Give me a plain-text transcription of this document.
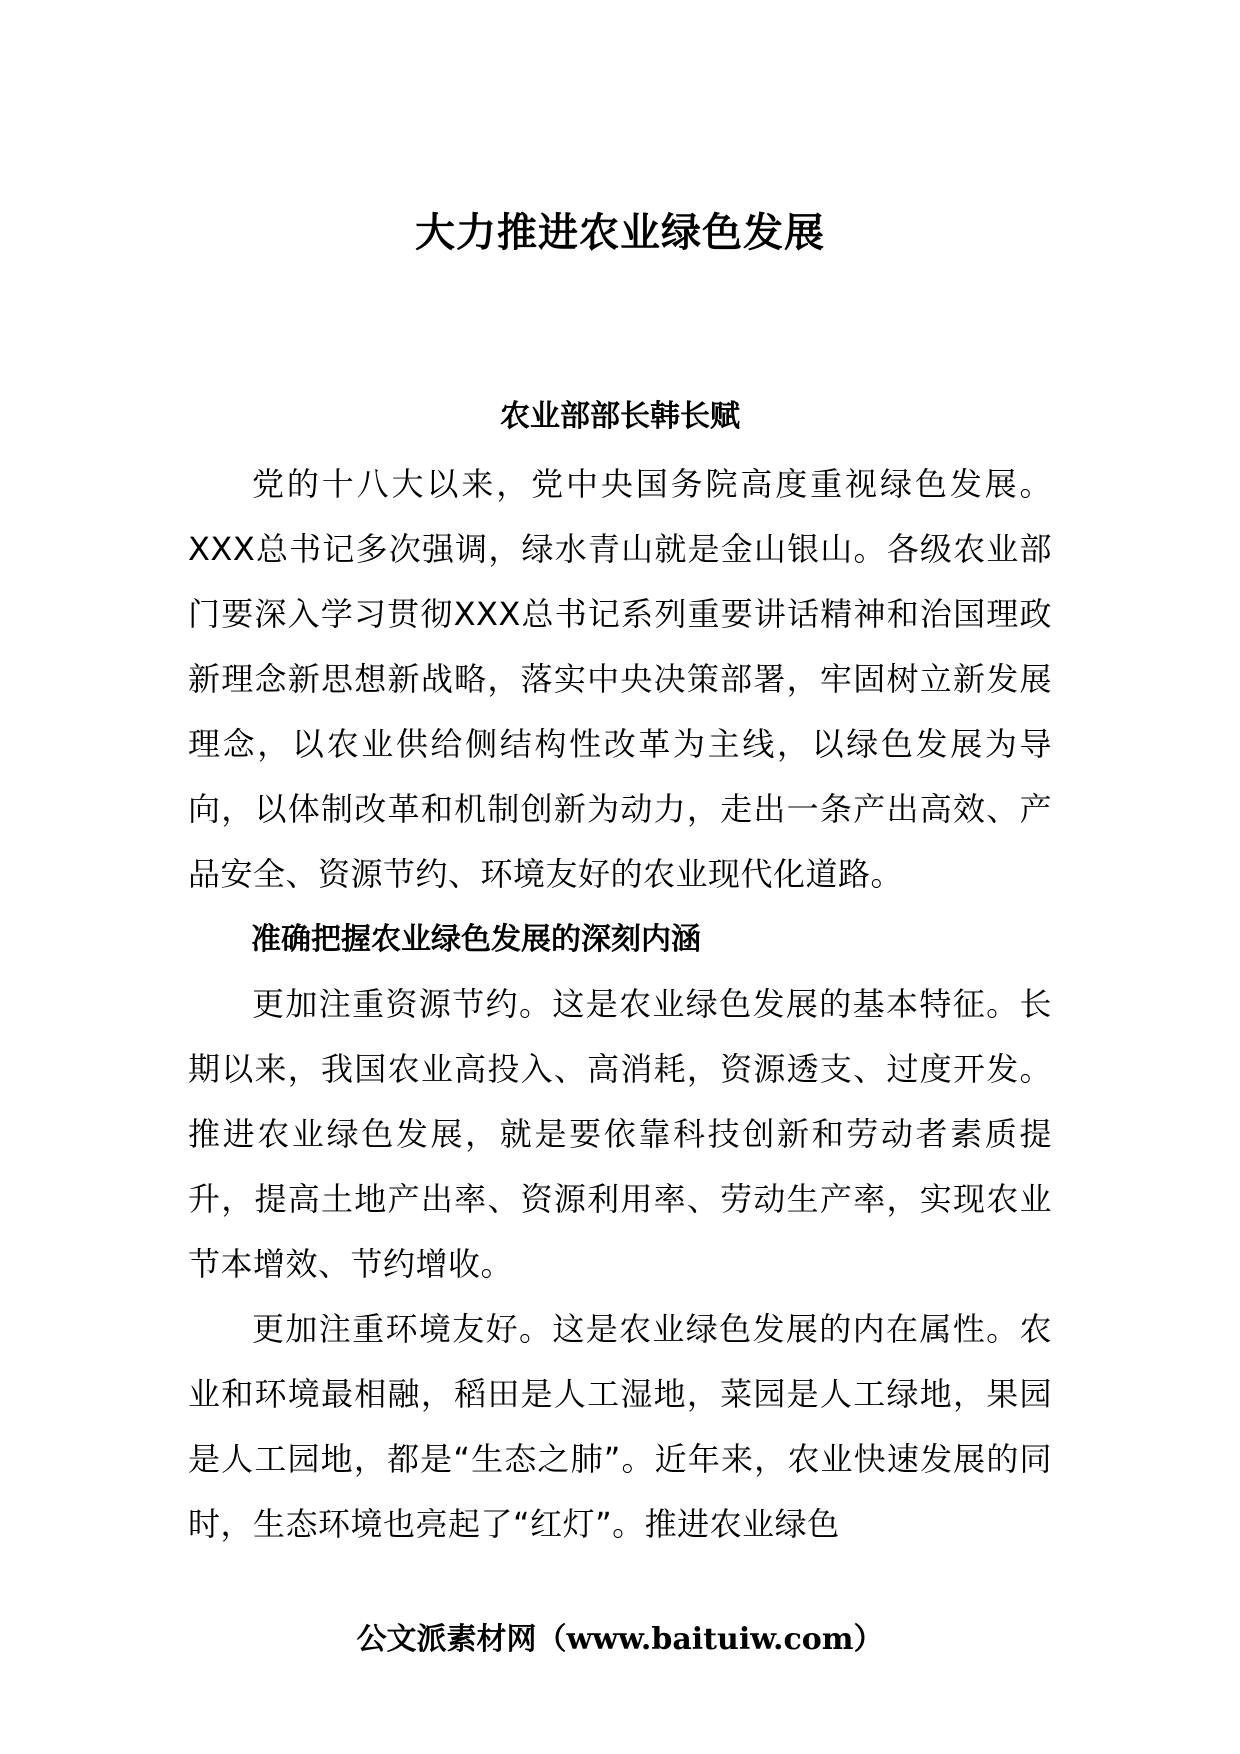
大力推进农业绿色发展
农业部部长韩长赋

党的十八大以来，党中央国务院高度重视绿色发展。XXX总书记多次强调，绿水青山就是金山银山。各级农业部门要深入学习贯彻XXX总书记系列重要讲话精神和治国理政新理念新思想新战略，落实中央决策部署，牢固树立新发展理念，以农业供给侧结构性改革为主线，以绿色发展为导向，以体制改革和机制创新为动力，走出一条产出高效、产品安全、资源节约、环境友好的农业现代化道路。

准确把握农业绿色发展的深刻内涵

更加注重资源节约。这是农业绿色发展的基本特征。长期以来，我国农业高投入、高消耗，资源透支、过度开发。推进农业绿色发展，就是要依靠科技创新和劳动者素质提升，提高土地产出率、资源利用率、劳动生产率，实现农业节本增效、节约增收。

更加注重环境友好。这是农业绿色发展的内在属性。农业和环境最相融，稻田是人工湿地，菜园是人工绿地，果园是人工园地，都是“生态之肺”。近年来，农业快速发展的同时，生态环境也亮起了“红灯”。推进农业绿色

公文派素材网（www.baituiw.com）
